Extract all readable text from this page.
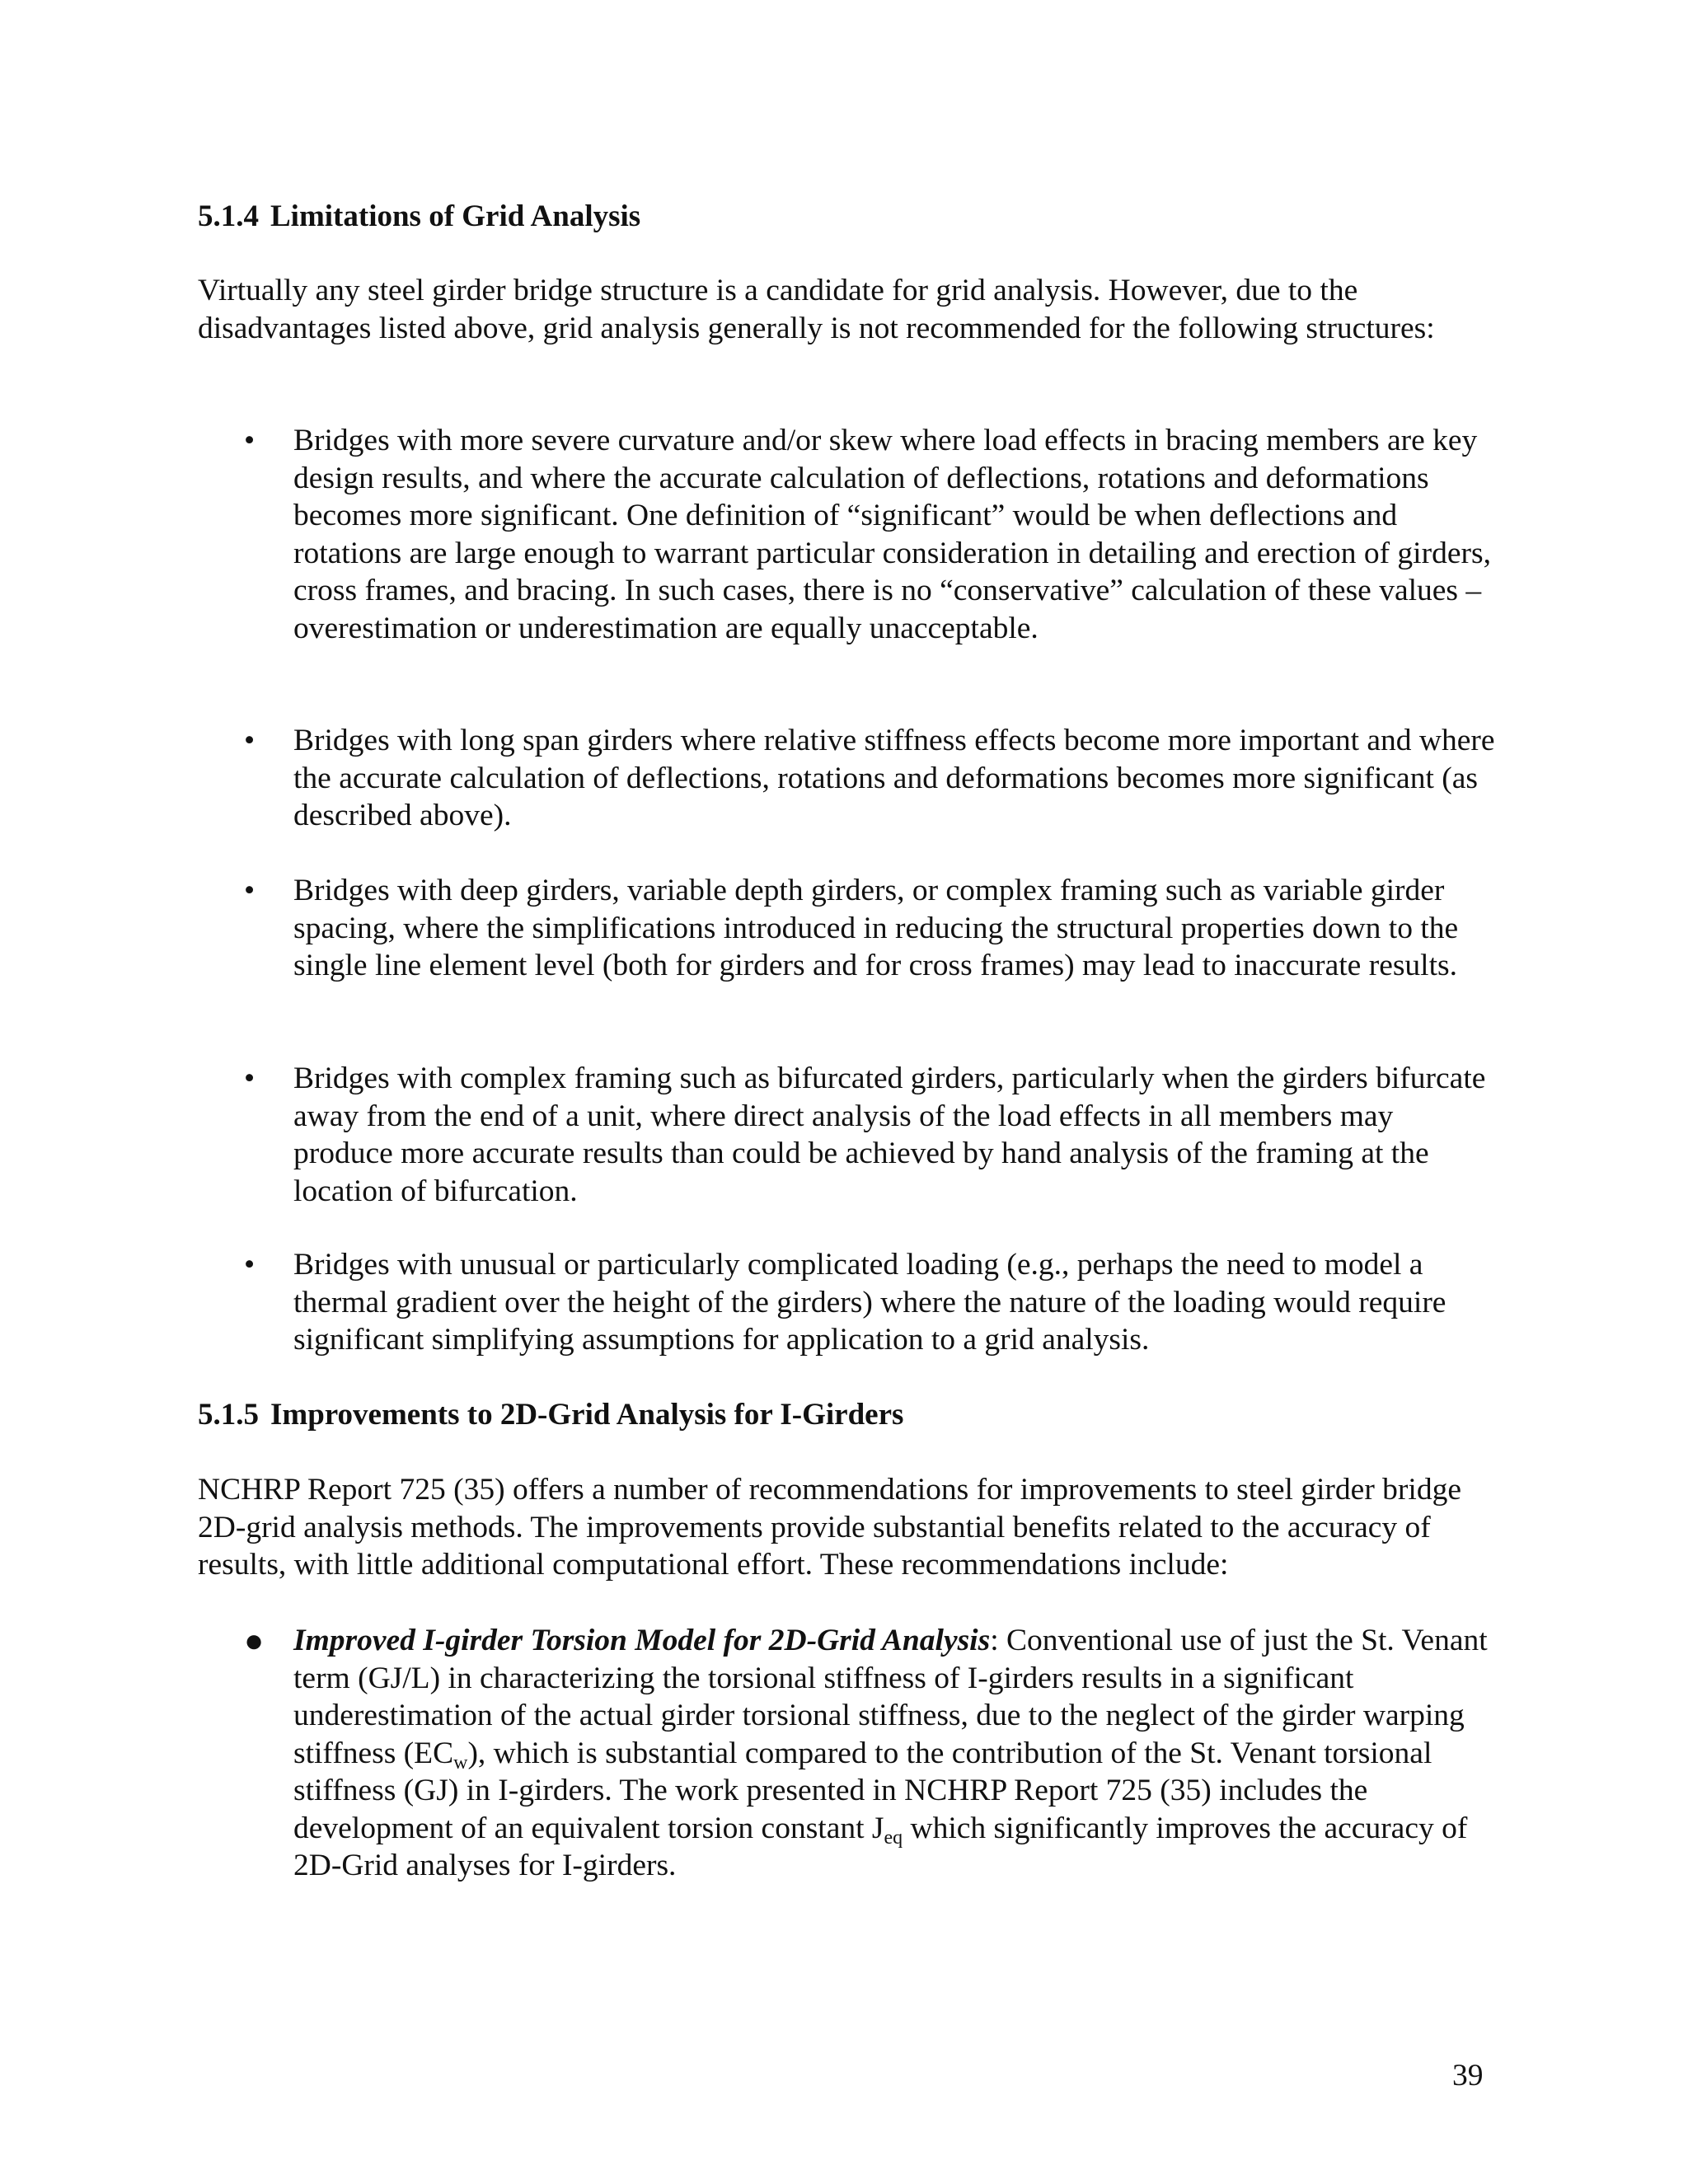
5.1.4 Limitations of Grid Analysis

Virtually any steel girder bridge structure is a candidate for grid analysis. However, due to the disadvantages listed above, grid analysis generally is not recommended for the following structures:

•	Bridges with more severe curvature and/or skew where load effects in bracing members are key design results, and where the accurate calculation of deflections, rotations and deformations becomes more significant. One definition of “significant” would be when deflections and rotations are large enough to warrant particular consideration in detailing and erection of girders, cross frames, and bracing. In such cases, there is no “conservative” calculation of these values – overestimation or underestimation are equally unacceptable.

•	Bridges with long span girders where relative stiffness effects become more important and where the accurate calculation of deflections, rotations and deformations becomes more significant (as described above).

•	Bridges with deep girders, variable depth girders, or complex framing such as variable girder spacing, where the simplifications introduced in reducing the structural properties down to the single line element level (both for girders and for cross frames) may lead to inaccurate results.

•	Bridges with complex framing such as bifurcated girders, particularly when the girders bifurcate away from the end of a unit, where direct analysis of the load effects in all members may produce more accurate results than could be achieved by hand analysis of the framing at the location of bifurcation.

•	Bridges with unusual or particularly complicated loading (e.g., perhaps the need to model a thermal gradient over the height of the girders) where the nature of the loading would require significant simplifying assumptions for application to a grid analysis.

5.1.5 Improvements to 2D-Grid Analysis for I-Girders

NCHRP Report 725 (35) offers a number of recommendations for improvements to steel girder bridge 2D-grid analysis methods. The improvements provide substantial benefits related to the accuracy of results, with little additional computational effort. These recommendations include:

● Improved I-girder Torsion Model for 2D-Grid Analysis: Conventional use of just the St. Venant term (GJ/L) in characterizing the torsional stiffness of I-girders results in a significant underestimation of the actual girder torsional stiffness, due to the neglect of the girder warping stiffness $(EC_w)$, which is substantial compared to the contribution of the St. Venant torsional stiffness (GJ) in I-girders. The work presented in NCHRP Report 725 (35) includes the development of an equivalent torsion constant $J_{eq}$ which significantly improves the accuracy of 2D-Grid analyses for I-girders.

39
